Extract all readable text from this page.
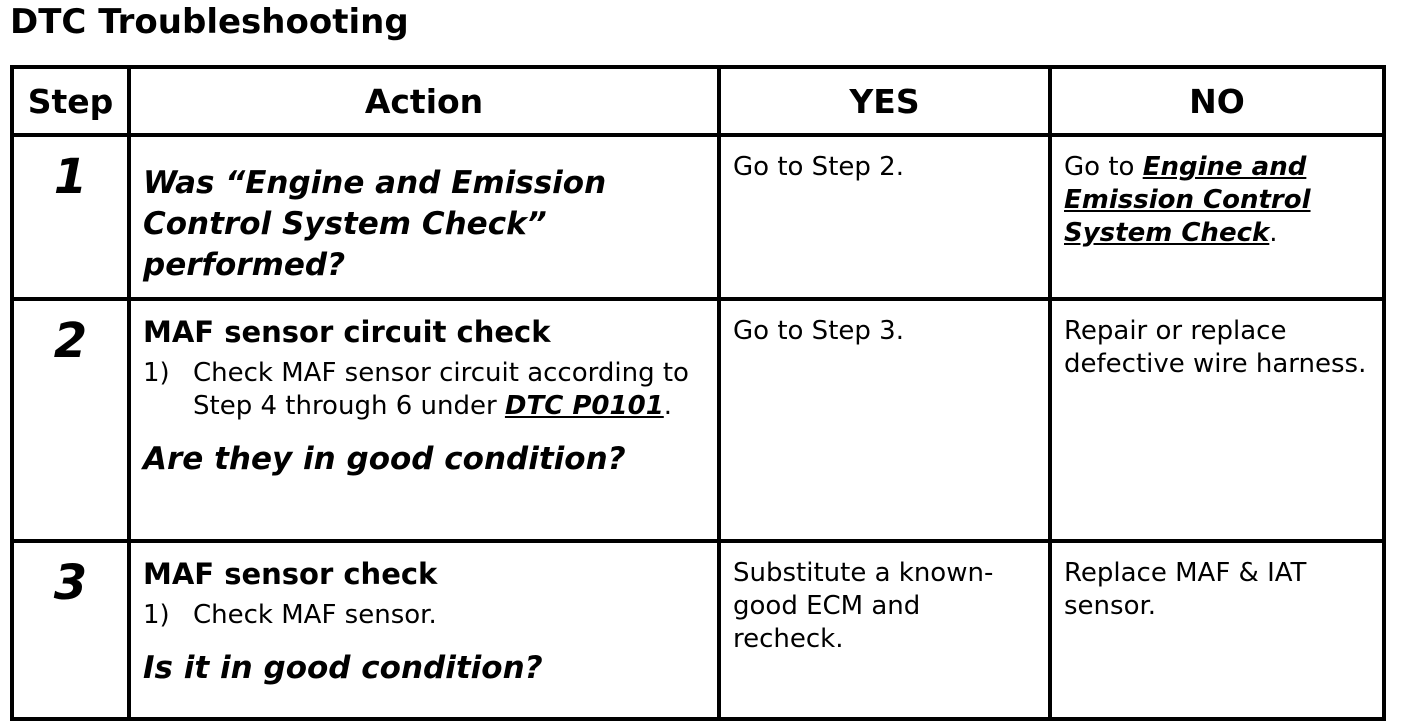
DTC Troubleshooting
Step	Action	YES	NO

1	Was “Engine and Emission Control System Check” performed?	Go to Step 2.	Go to Engine and Emission Control System Check.

2	MAF sensor circuit check
1) Check MAF sensor circuit according to Step 4 through 6 under DTC P0101.
Are they in good condition?	Go to Step 3.	Repair or replace defective wire harness.

3	MAF sensor check
1) Check MAF sensor.
Is it in good condition?	Substitute a known-good ECM and recheck.	Replace MAF & IAT sensor.
